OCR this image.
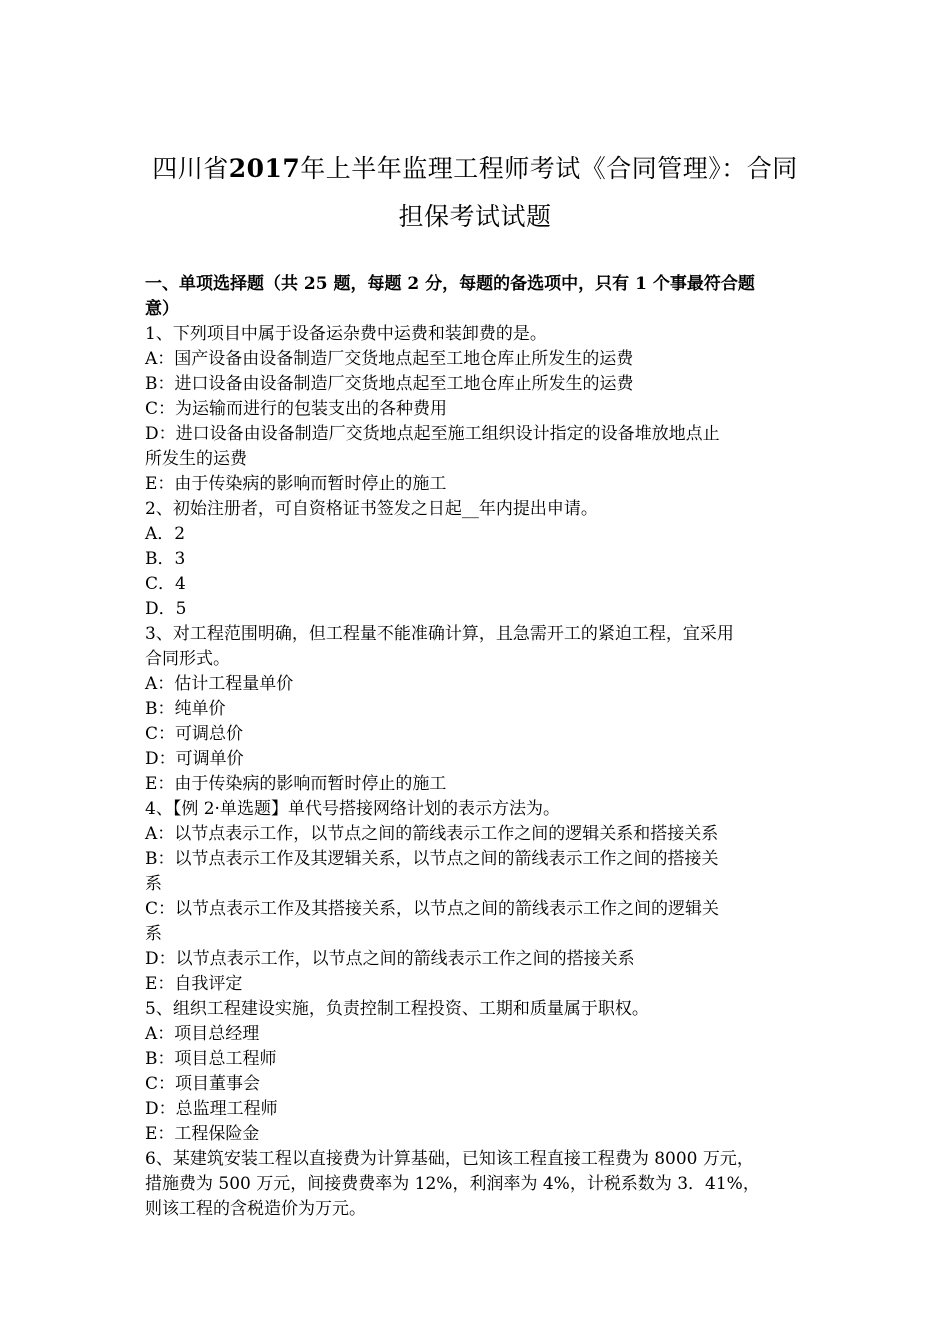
四川省2017年上半年监理工程师考试《合同管理》：合同
担保考试试题
一、单项选择题（共 25 题，每题 2 分，每题的备选项中，只有 1 个事最符合题
意）
1、下列项目中属于设备运杂费中运费和装卸费的是。
A：国产设备由设备制造厂交货地点起至工地仓库止所发生的运费
B：进口设备由设备制造厂交货地点起至工地仓库止所发生的运费
C：为运输而进行的包装支出的各种费用
D：进口设备由设备制造厂交货地点起至施工组织设计指定的设备堆放地点止
所发生的运费
E：由于传染病的影响而暂时停止的施工
2、初始注册者，可自资格证书签发之日起__年内提出申请。
A．2
B．3
C．4
D．5
3、对工程范围明确，但工程量不能准确计算，且急需开工的紧迫工程，宜采用
合同形式。
A：估计工程量单价
B：纯单价
C：可调总价
D：可调单价
E：由于传染病的影响而暂时停止的施工
4、【例 2·单选题】单代号搭接网络计划的表示方法为。
A：以节点表示工作，以节点之间的箭线表示工作之间的逻辑关系和搭接关系
B：以节点表示工作及其逻辑关系，以节点之间的箭线表示工作之间的搭接关
系
C：以节点表示工作及其搭接关系，以节点之间的箭线表示工作之间的逻辑关
系
D：以节点表示工作，以节点之间的箭线表示工作之间的搭接关系
E：自我评定
5、组织工程建设实施，负责控制工程投资、工期和质量属于职权。
A：项目总经理
B：项目总工程师
C：项目董事会
D：总监理工程师
E：工程保险金
6、某建筑安装工程以直接费为计算基础，已知该工程直接工程费为 8000 万元，
措施费为 500 万元，间接费费率为 12%，利润率为 4%，计税系数为 3．41%，
则该工程的含税造价为万元。
